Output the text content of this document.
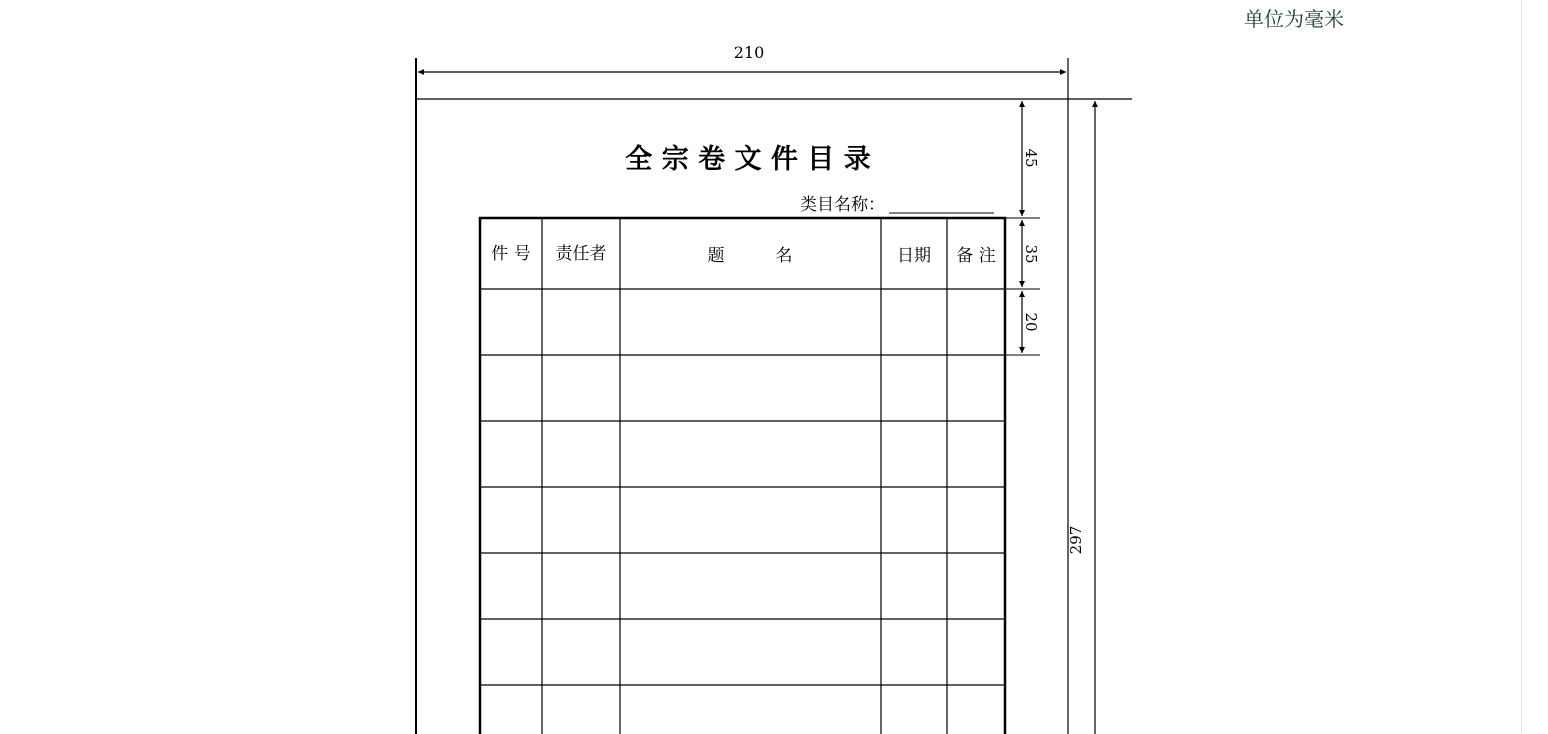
单位为毫米
210
297
全 宗 卷 文 件 目 录
类目名称：
件 号 责任者	题　　　名	日期 备 注
45
35
20
